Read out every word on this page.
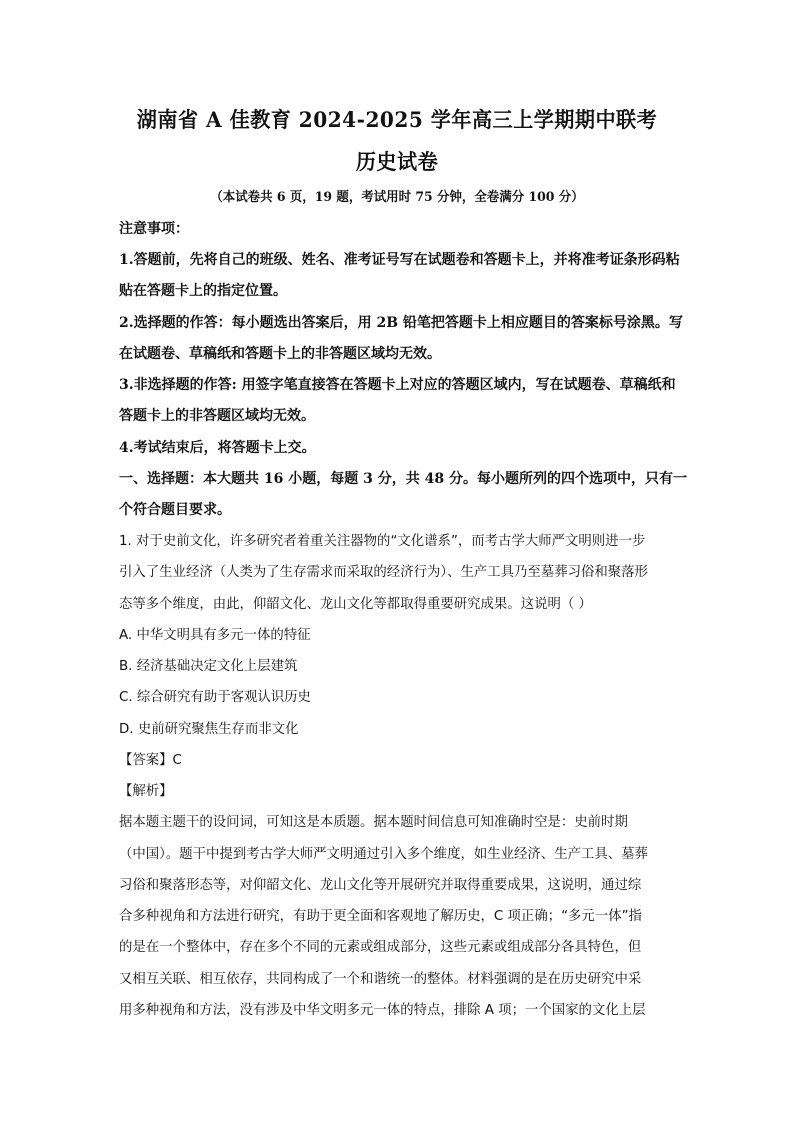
湖南省 A 佳教育 2024-2025 学年高三上学期期中联考
历史试卷
（本试卷共 6 页，19 题，考试用时 75 分钟，全卷满分 100 分）
注意事项：
1.答题前，先将自己的班级、姓名、准考证号写在试题卷和答题卡上，并将准考证条形码粘
贴在答题卡上的指定位置。
2.选择题的作答：每小题选出答案后，用 2B 铅笔把答题卡上相应题目的答案标号涂黑。写
在试题卷、草稿纸和答题卡上的非答题区域均无效。
3.非选择题的作答: 用签字笔直接答在答题卡上对应的答题区域内，写在试题卷、草稿纸和
答题卡上的非答题区域均无效。
4.考试结束后，将答题卡上交。
一、选择题：本大题共 16 小题，每题 3 分，共 48 分。每小题所列的四个选项中，只有一
个符合题目要求。
1. 对于史前文化，许多研究者着重关注器物的“文化谱系”，而考古学大师严文明则进一步
引入了生业经济（人类为了生存需求而采取的经济行为）、生产工具乃至墓葬习俗和聚落形
态等多个维度，由此，仰韶文化、龙山文化等都取得重要研究成果。这说明（ ）
A. 中华文明具有多元一体的特征
B. 经济基础决定文化上层建筑
C. 综合研究有助于客观认识历史
D. 史前研究聚焦生存而非文化
【答案】C
【解析】
据本题主题干的设问词，可知这是本质题。据本题时间信息可知准确时空是：史前时期
（中国）。题干中提到考古学大师严文明通过引入多个维度，如生业经济、生产工具、墓葬
习俗和聚落形态等，对仰韶文化、龙山文化等开展研究并取得重要成果，这说明，通过综
合多种视角和方法进行研究，有助于更全面和客观地了解历史，C 项正确；“多元一体”指
的是在一个整体中，存在多个不同的元素或组成部分，这些元素或组成部分各具特色，但
又相互关联、相互依存，共同构成了一个和谐统一的整体。材料强调的是在历史研究中采
用多种视角和方法，没有涉及中华文明多元一体的特点，排除 A 项；一个国家的文化上层
